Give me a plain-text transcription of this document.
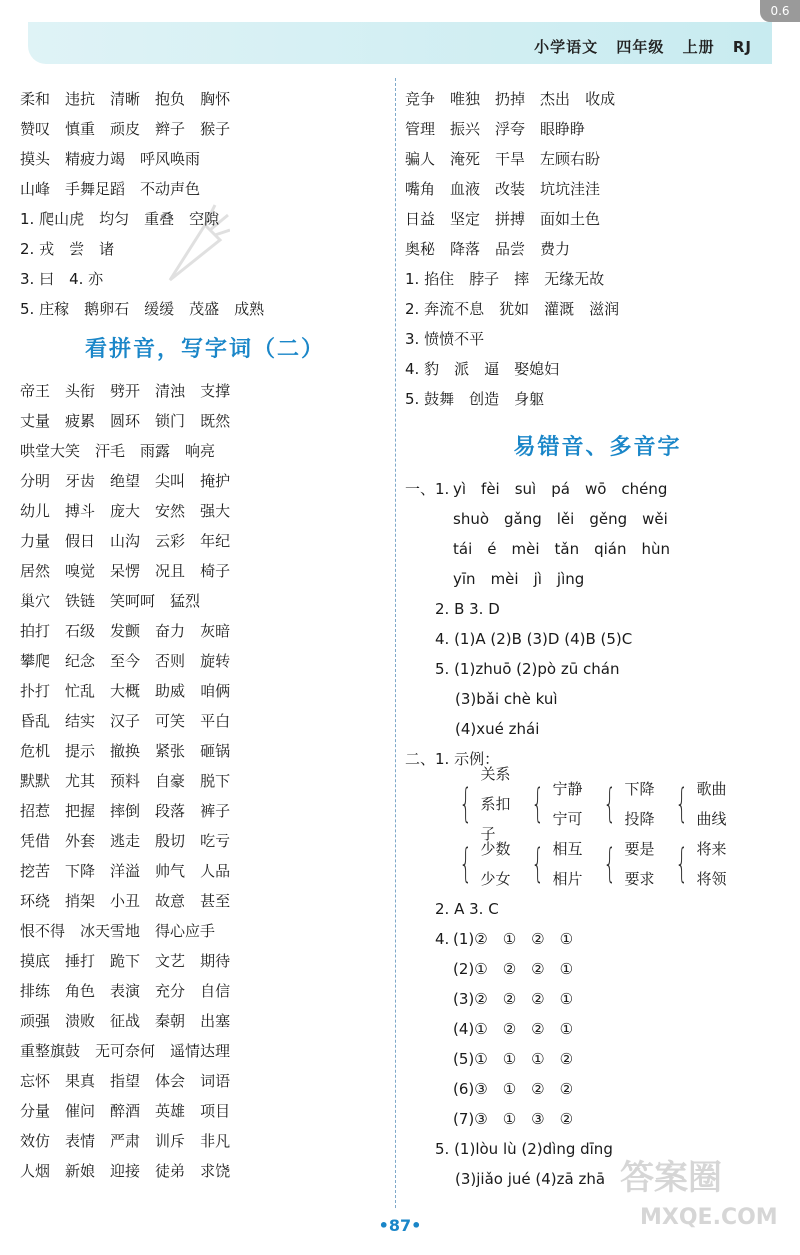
0.6
小学语文 四年级 上册 RJ
柔和 违抗 清晰 抱负 胸怀
赞叹 慎重 顽皮 辫子 猴子
摸头 精疲力竭 呼风唤雨
山峰 手舞足蹈 不动声色
1. 爬山虎 均匀 重叠 空隙
2. 戎 尝 诸
3. 曰 4. 亦
5. 庄稼 鹅卵石 缓缓 茂盛 成熟
看拼音，写字词（二）
帝王 头衔 劈开 清浊 支撑
丈量 疲累 圆环 锁门 既然
哄堂大笑 汗毛 雨露 响亮
分明 牙齿 绝望 尖叫 掩护
幼儿 搏斗 庞大 安然 强大
力量 假日 山沟 云彩 年纪
居然 嗅觉 呆愣 况且 椅子
巢穴 铁链 笑呵呵 猛烈
拍打 石级 发颤 奋力 灰暗
攀爬 纪念 至今 否则 旋转
扑打 忙乱 大概 助威 咱俩
昏乱 结实 汉子 可笑 平白
危机 提示 撤换 紧张 砸锅
默默 尤其 预料 自豪 脱下
招惹 把握 摔倒 段落 裤子
凭借 外套 逃走 殷切 吃亏
挖苦 下降 洋溢 帅气 人品
环绕 捎架 小丑 故意 甚至
恨不得 冰天雪地 得心应手
摸底 捶打 跪下 文艺 期待
排练 角色 表演 充分 自信
顽强 溃败 征战 秦朝 出塞
重整旗鼓 无可奈何 遥情达理
忘怀 果真 指望 体会 词语
分量 催问 醉酒 英雄 项目
效仿 表情 严肃 训斥 非凡
人烟 新娘 迎接 徒弟 求饶
竞争 唯独 扔掉 杰出 收成
管理 振兴 浮夸 眼睁睁
骗人 淹死 干旱 左顾右盼
嘴角 血液 改装 坑坑洼洼
日益 坚定 拼搏 面如土色
奥秘 降落 品尝 费力
1. 掐住 脖子 摔 无缘无故
2. 奔流不息 犹如 灌溉 滋润
3. 愤愤不平
4. 豹 派 逼 娶媳妇
5. 鼓舞 创造 身躯
易错音、多音字
一、1. yì fèi suì pá wō chéng
shuò gǎng lěi gěng wěi
tái é mèi tǎn qián hùn
yīn mèi jì jìng
2. B 3. D
4. (1)A (2)B (3)D (4)B (5)C
5. (1)zhuō (2)pò zū chán
(3)bǎi chè kuì
(4)xué zhái
二、1. 示例：
{
关系
系扣子
{ 宁静
宁可 { 下降
投降 { 歌曲
曲线
{ 少数
少女 { 相互
相片 { 要是
要求 { 将来
将领
2. A 3. C
4. (1)② ① ② ①
(2)① ② ② ①
(3)② ② ② ①
(4)① ② ② ①
(5)① ① ① ②
(6)③ ① ② ②
(7)③ ① ③ ②
5. (1)lòu lù (2)dìng dīng
(3)jiǎo jué (4)zā zhā
•87•
答案圈
MXQE.COM
